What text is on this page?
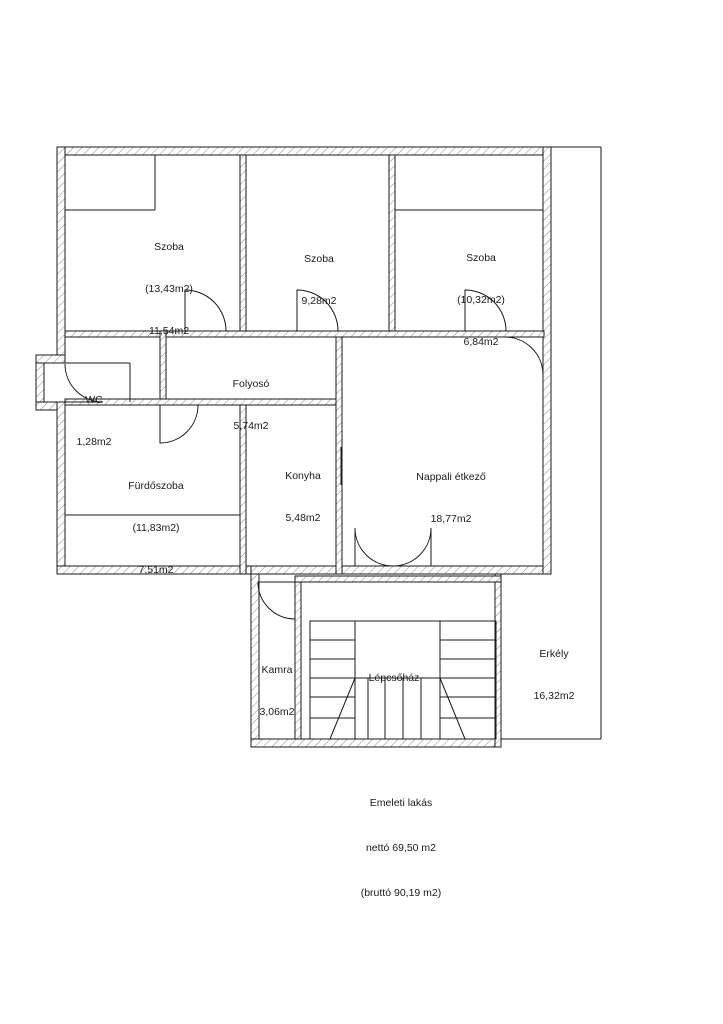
Szoba

(13,43m2)

11,54m2

Szoba

9,28m2

Szoba

(10,32m2)

6,84m2

Folyosó

5,74m2

WC

1,28m2

Fürdőszoba

(11,83m2)

7,51m2

Konyha

5,48m2

Nappali étkező

18,77m2

Kamra

3,06m2

Lépcsőház

Erkély

16,32m2

Emeleti lakás

nettó 69,50 m2

(bruttó 90,19 m2)
